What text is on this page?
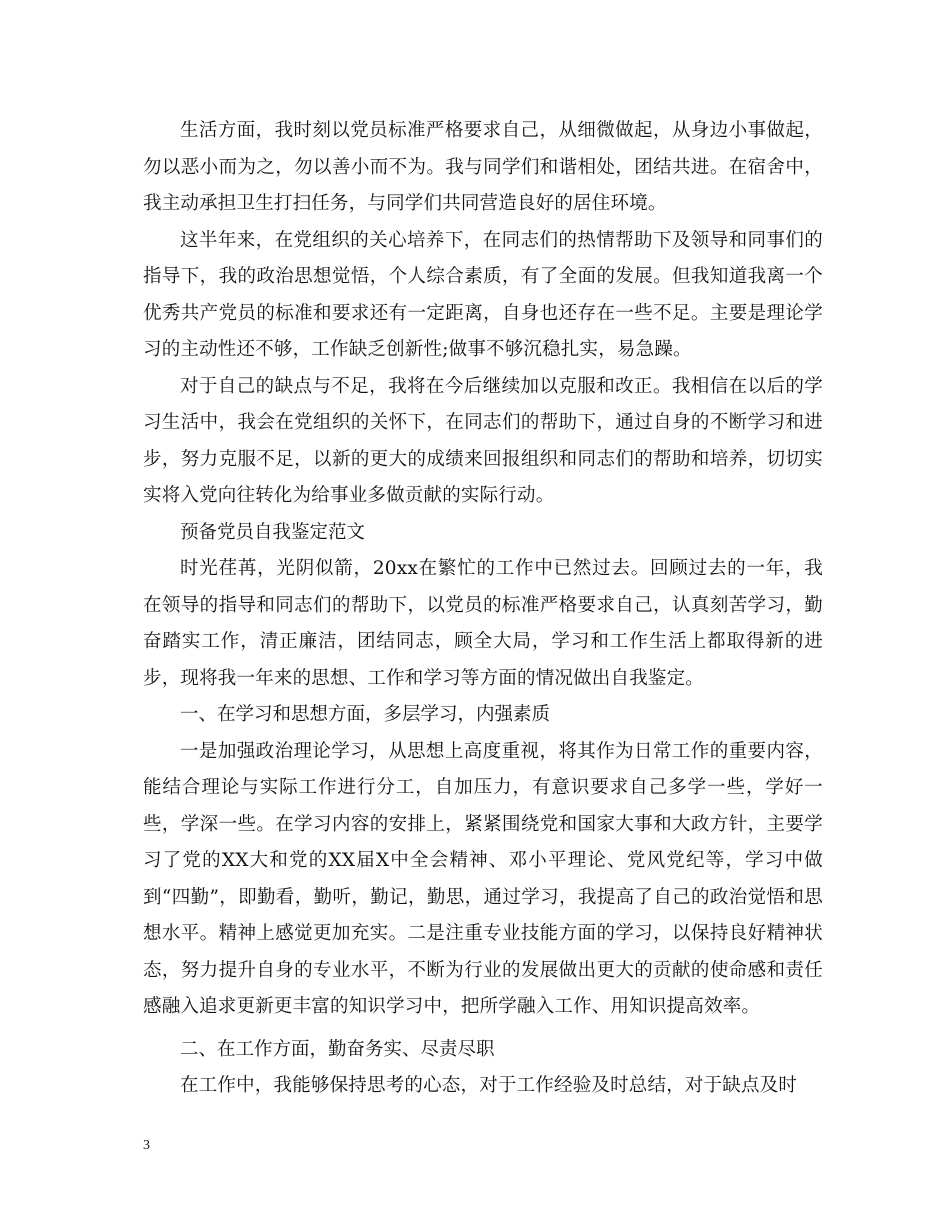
生活方面，我时刻以党员标准严格要求自己，从细微做起，从身边小事做起，勿以恶小而为之，勿以善小而不为。我与同学们和谐相处，团结共进。在宿舍中，我主动承担卫生打扫任务，与同学们共同营造良好的居住环境。

这半年来，在党组织的关心培养下，在同志们的热情帮助下及领导和同事们的指导下，我的政治思想觉悟，个人综合素质，有了全面的发展。但我知道我离一个优秀共产党员的标准和要求还有一定距离，自身也还存在一些不足。主要是理论学习的主动性还不够，工作缺乏创新性;做事不够沉稳扎实，易急躁。

对于自己的缺点与不足，我将在今后继续加以克服和改正。我相信在以后的学习生活中，我会在党组织的关怀下，在同志们的帮助下，通过自身的不断学习和进步，努力克服不足，以新的更大的成绩来回报组织和同志们的帮助和培养，切切实实将入党向往转化为给事业多做贡献的实际行动。

预备党员自我鉴定范文

时光荏苒，光阴似箭，20xx在繁忙的工作中已然过去。回顾过去的一年，我在领导的指导和同志们的帮助下，以党员的标准严格要求自己，认真刻苦学习，勤奋踏实工作，清正廉洁，团结同志，顾全大局，学习和工作生活上都取得新的进步，现将我一年来的思想、工作和学习等方面的情况做出自我鉴定。

一、在学习和思想方面，多层学习，内强素质

一是加强政治理论学习，从思想上高度重视，将其作为日常工作的重要内容，能结合理论与实际工作进行分工，自加压力，有意识要求自己多学一些，学好一些，学深一些。在学习内容的安排上，紧紧围绕党和国家大事和大政方针，主要学习了党的XX大和党的XX届X中全会精神、邓小平理论、党风党纪等，学习中做到“四勤”，即勤看，勤听，勤记，勤思，通过学习，我提高了自己的政治觉悟和思想水平。精神上感觉更加充实。二是注重专业技能方面的学习，以保持良好精神状态，努力提升自身的专业水平，不断为行业的发展做出更大的贡献的使命感和责任感融入追求更新更丰富的知识学习中，把所学融入工作、用知识提高效率。

二、在工作方面，勤奋务实、尽责尽职

在工作中，我能够保持思考的心态，对于工作经验及时总结，对于缺点及时

3
